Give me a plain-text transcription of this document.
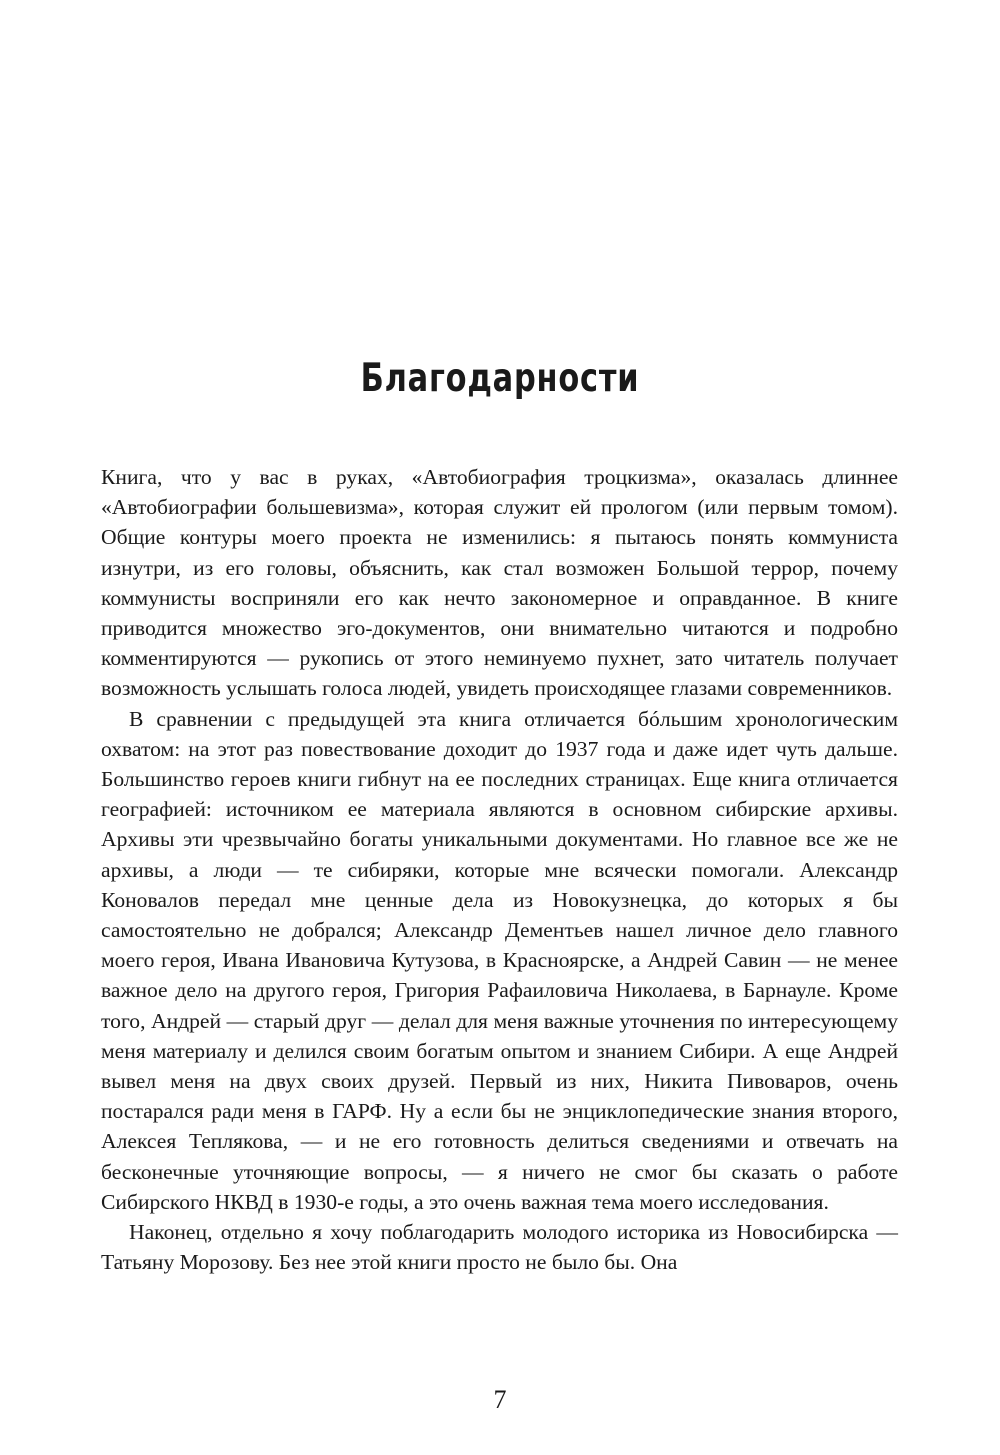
Благодарности

Книга, что у вас в руках, «Автобиография троцкизма», оказалась длиннее «Автобиографии большевизма», которая служит ей прологом (или первым томом). Общие контуры моего проекта не изменились: я пытаюсь понять коммуниста изнутри, из его головы, объяснить, как стал возможен Большой террор, почему коммунисты восприняли его как нечто закономерное и оправданное. В книге приводится множество эго-документов, они внимательно читаются и подробно комментируются — рукопись от этого неминуемо пухнет, зато читатель получает возможность услышать голоса людей, увидеть происходящее глазами современников.

В сравнении с предыдущей эта книга отличается бóльшим хронологическим охватом: на этот раз повествование доходит до 1937 года и даже идет чуть дальше. Большинство героев книги гибнут на ее последних страницах. Еще книга отличается географией: источником ее материала являются в основном сибирские архивы. Архивы эти чрезвычайно богаты уникальными документами. Но главное все же не архивы, а люди — те сибиряки, которые мне всячески помогали. Александр Коновалов передал мне ценные дела из Новокузнецка, до которых я бы самостоятельно не добрался; Александр Дементьев нашел личное дело главного моего героя, Ивана Ивановича Кутузова, в Красноярске, а Андрей Савин — не менее важное дело на другого героя, Григория Рафаиловича Николаева, в Барнауле. Кроме того, Андрей — старый друг — делал для меня важные уточнения по интересующему меня материалу и делился своим богатым опытом и знанием Сибири. А еще Андрей вывел меня на двух своих друзей. Первый из них, Никита Пивоваров, очень постарался ради меня в ГАРФ. Ну а если бы не энциклопедические знания второго, Алексея Теплякова, — и не его готовность делиться сведениями и отвечать на бесконечные уточняющие вопросы, — я ничего не смог бы сказать о работе Сибирского НКВД в 1930-е годы, а это очень важная тема моего исследования.

Наконец, отдельно я хочу поблагодарить молодого историка из Новосибирска — Татьяну Морозову. Без нее этой книги просто не было бы. Она

7
